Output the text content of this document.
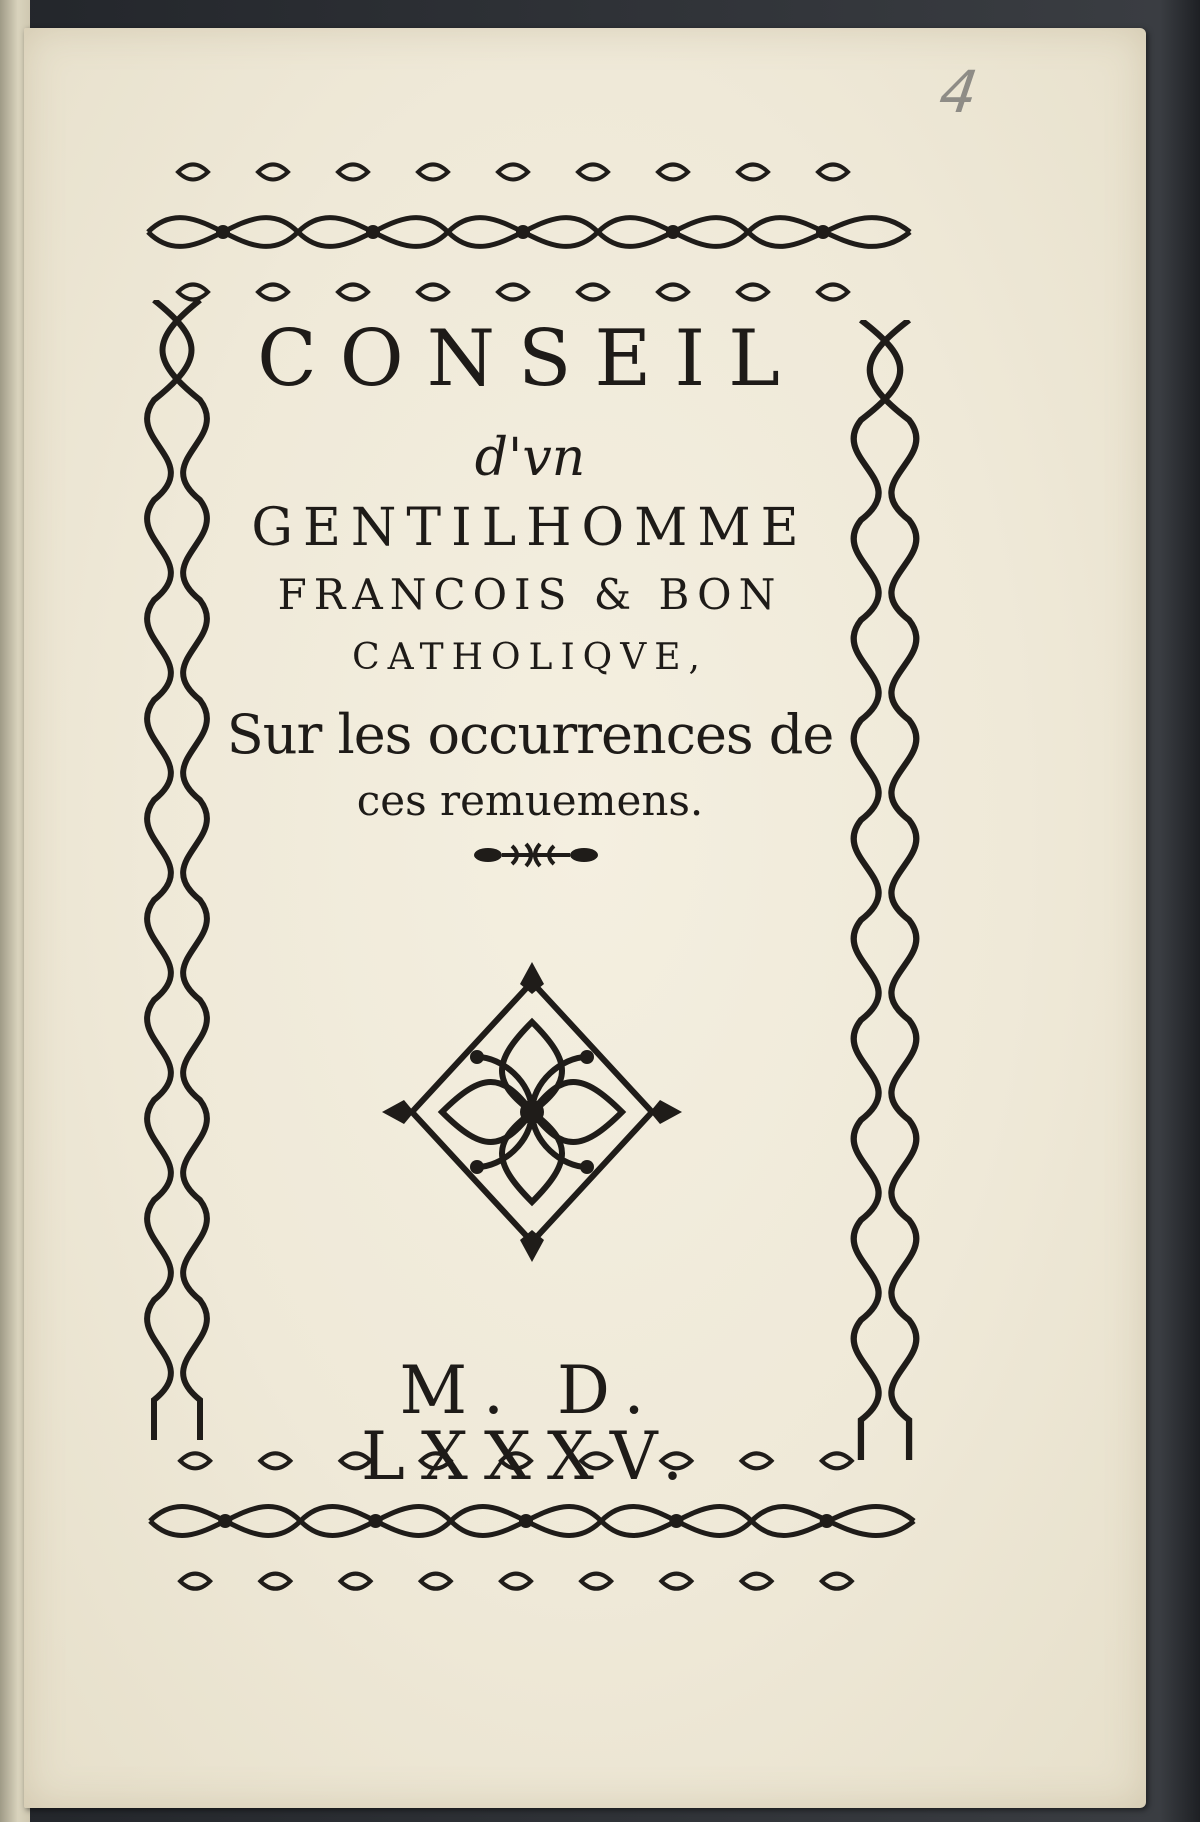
4
CONSEIL
d'vn
GENTILHOMME
FRANCOIS & BON
CATHOLIQVE,
Sur les occurrences de
ces remuemens.
M. D. LXXXV.
